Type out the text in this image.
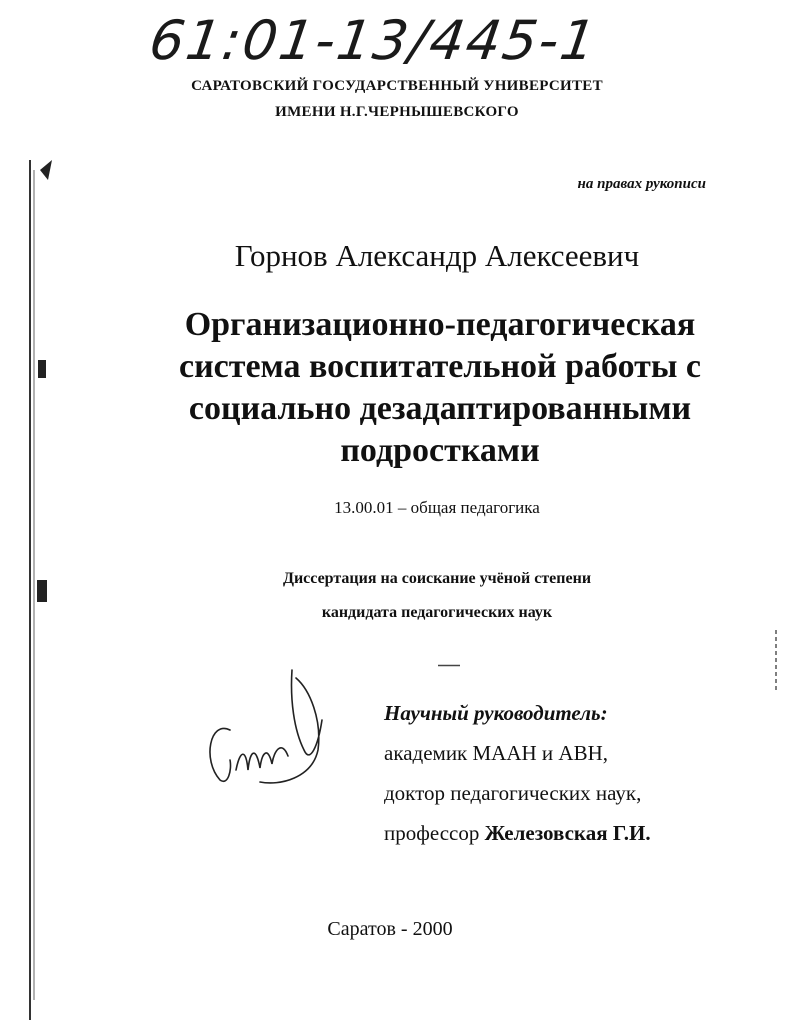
61:01-13/445-1
САРАТОВСКИЙ ГОСУДАРСТВЕННЫЙ УНИВЕРСИТЕТ
ИМЕНИ Н.Г.ЧЕРНЫШЕВСКОГО
на правах рукописи
Горнов Александр Алексеевич
Организационно-педагогическая система воспитательной работы с социально дезадаптированными подростками
13.00.01 – общая педагогика
Диссертация на соискание учёной степени
кандидата педагогических наук
Научный руководитель:
академик МААН и АВН,
доктор педагогических наук,
профессор Железовская Г.И.
Саратов - 2000
